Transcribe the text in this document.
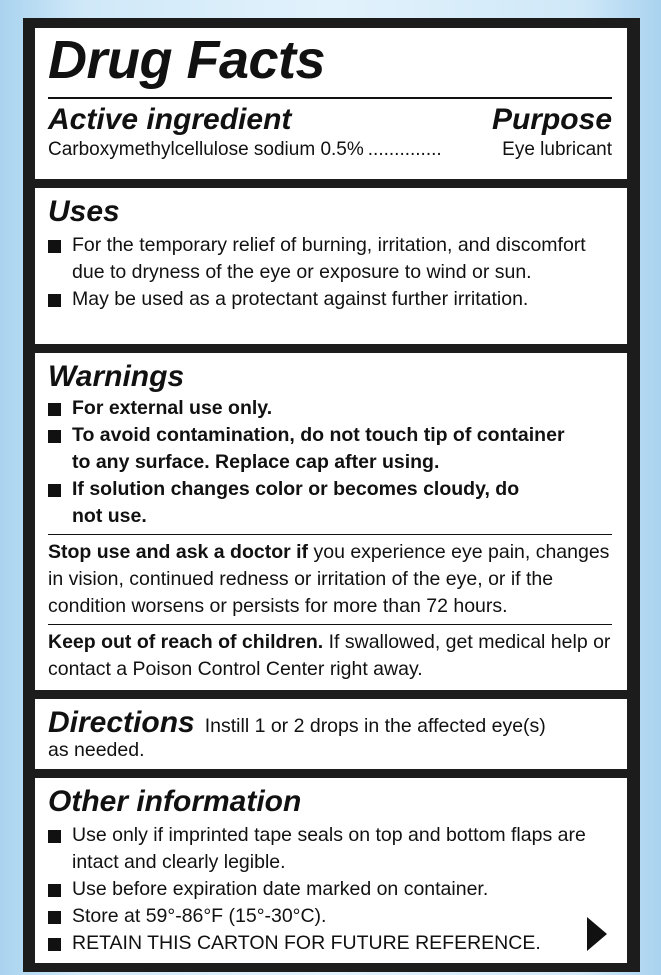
Drug Facts
Active ingredient	Purpose
Carboxymethylcellulose sodium 0.5% ..............	Eye lubricant
Uses
For the temporary relief of burning, irritation, and discomfort due to dryness of the eye or exposure to wind or sun.
May be used as a protectant against further irritation.
Warnings
For external use only.
To avoid contamination, do not touch tip of container to any surface. Replace cap after using.
If solution changes color or becomes cloudy, do not use.
Stop use and ask a doctor if you experience eye pain, changes in vision, continued redness or irritation of the eye, or if the condition worsens or persists for more than 72 hours.
Keep out of reach of children. If swallowed, get medical help or contact a Poison Control Center right away.
Directions Instill 1 or 2 drops in the affected eye(s)
as needed.
Other information
Use only if imprinted tape seals on top and bottom flaps are intact and clearly legible.
Use before expiration date marked on container.
Store at 59°-86°F (15°-30°C).
RETAIN THIS CARTON FOR FUTURE REFERENCE.
